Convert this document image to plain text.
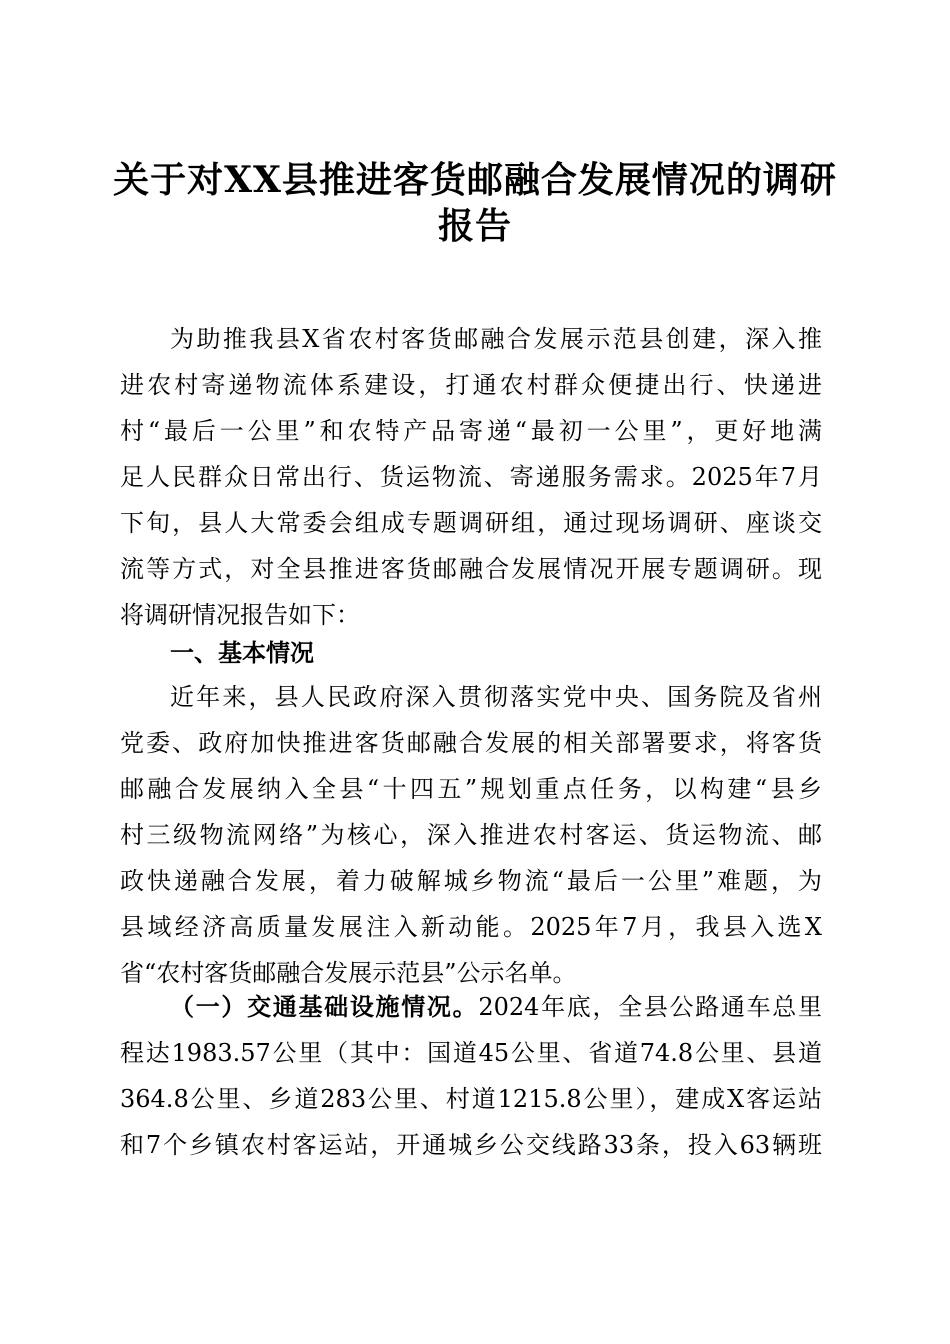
关于对XX县推进客货邮融合发展情况的调研
报告
为助推我县X省农村客货邮融合发展示范县创建，深入推
进农村寄递物流体系建设，打通农村群众便捷出行、快递进
村“最后一公里”和农特产品寄递“最初一公里”，更好地满
足人民群众日常出行、货运物流、寄递服务需求。2025年7月
下旬，县人大常委会组成专题调研组，通过现场调研、座谈交
流等方式，对全县推进客货邮融合发展情况开展专题调研。现
将调研情况报告如下：
一、基本情况
近年来，县人民政府深入贯彻落实党中央、国务院及省州
党委、政府加快推进客货邮融合发展的相关部署要求，将客货
邮融合发展纳入全县“十四五”规划重点任务，以构建“县乡
村三级物流网络”为核心，深入推进农村客运、货运物流、邮
政快递融合发展，着力破解城乡物流“最后一公里”难题，为
县域经济高质量发展注入新动能。2025年7月，我县入选X
省“农村客货邮融合发展示范县”公示名单。
（一）交通基础设施情况。2024年底，全县公路通车总里
程达1983.57公里（其中：国道45公里、省道74.8公里、县道
364.8公里、乡道283公里、村道1215.8公里），建成X客运站
和7个乡镇农村客运站，开通城乡公交线路33条，投入63辆班
